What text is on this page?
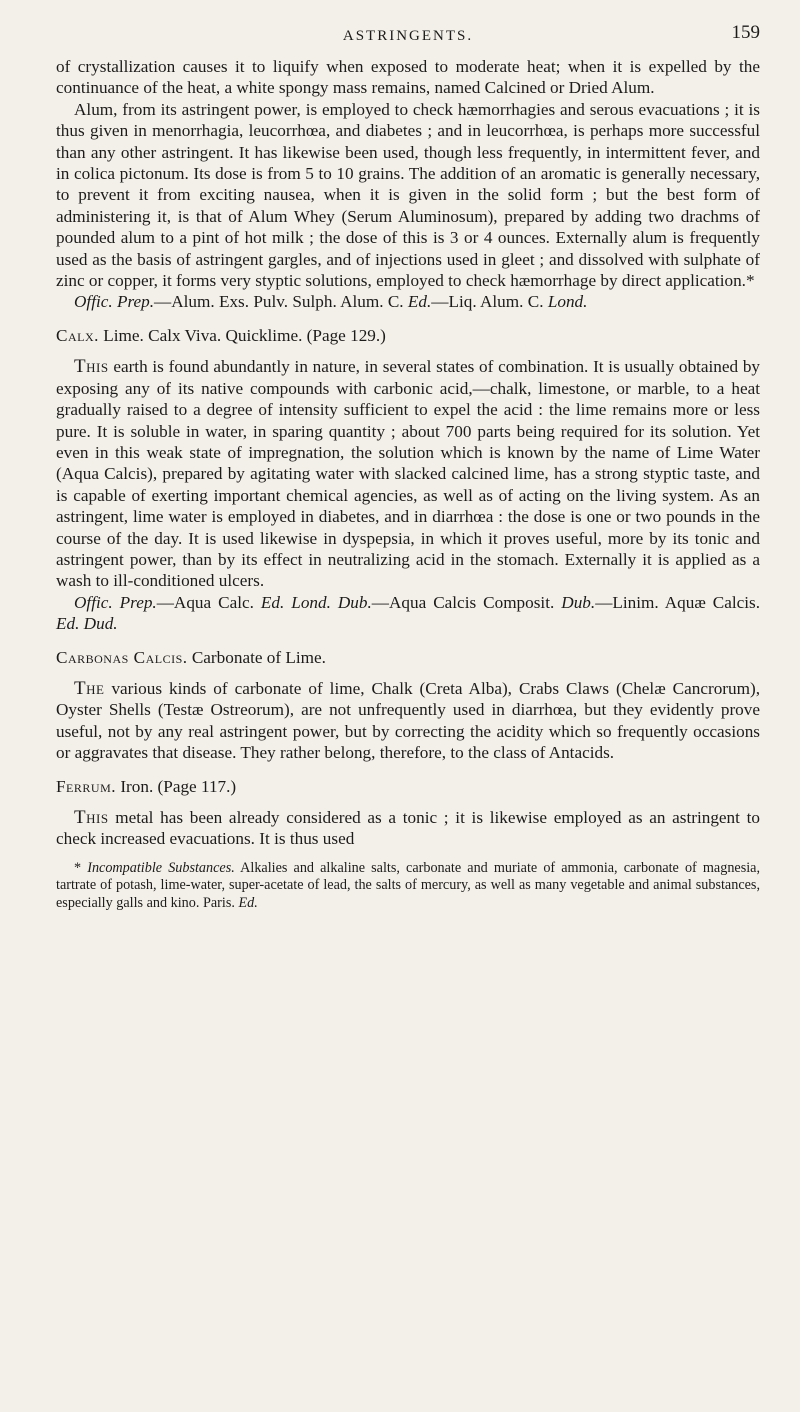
ASTRINGENTS.	159

of crystallization causes it to liquify when exposed to moderate heat; when it is expelled by the continuance of the heat, a white spongy mass remains, named Calcined or Dried Alum.

Alum, from its astringent power, is employed to check hæmorrhagies and serous evacuations ; it is thus given in menorrhagia, leucorrhœa, and diabetes ; and in leucorrhœa, is perhaps more successful than any other astringent. It has likewise been used, though less frequently, in intermittent fever, and in colica pictonum. Its dose is from 5 to 10 grains. The addition of an aromatic is generally necessary, to prevent it from exciting nausea, when it is given in the solid form ; but the best form of administering it, is that of Alum Whey (Serum Aluminosum), prepared by adding two drachms of pounded alum to a pint of hot milk ; the dose of this is 3 or 4 ounces. Externally alum is frequently used as the basis of astringent gargles, and of injections used in gleet ; and dissolved with sulphate of zinc or copper, it forms very styptic solutions, employed to check hæmorrhage by direct application.*

Offic. Prep.—Alum. Exs. Pulv. Sulph. Alum. C. Ed.—Liq. Alum. C. Lond.

Calx. Lime. Calx Viva. Quicklime. (Page 129.)

This earth is found abundantly in nature, in several states of combination. It is usually obtained by exposing any of its native compounds with carbonic acid,—chalk, limestone, or marble, to a heat gradually raised to a degree of intensity sufficient to expel the acid : the lime remains more or less pure. It is soluble in water, in sparing quantity ; about 700 parts being required for its solution. Yet even in this weak state of impregnation, the solution which is known by the name of Lime Water (Aqua Calcis), prepared by agitating water with slacked calcined lime, has a strong styptic taste, and is capable of exerting important chemical agencies, as well as of acting on the living system. As an astringent, lime water is employed in diabetes, and in diarrhœa : the dose is one or two pounds in the course of the day. It is used likewise in dyspepsia, in which it proves useful, more by its tonic and astringent power, than by its effect in neutralizing acid in the stomach. Externally it is applied as a wash to ill-conditioned ulcers.

Offic. Prep.—Aqua Calc. Ed. Lond. Dub.—Aqua Calcis Composit. Dub.—Linim. Aquæ Calcis. Ed. Dud.

Carbonas Calcis. Carbonate of Lime.

The various kinds of carbonate of lime, Chalk (Creta Alba), Crabs Claws (Chelæ Cancrorum), Oyster Shells (Testæ Ostreorum), are not unfrequently used in diarrhœa, but they evidently prove useful, not by any real astringent power, but by correcting the acidity which so frequently occasions or aggravates that disease. They rather belong, therefore, to the class of Antacids.

Ferrum. Iron. (Page 117.)

This metal has been already considered as a tonic ; it is likewise employed as an astringent to check increased evacuations. It is thus used

* Incompatible Substances. Alkalies and alkaline salts, carbonate and muriate of ammonia, carbonate of magnesia, tartrate of potash, lime-water, super-acetate of lead, the salts of mercury, as well as many vegetable and animal substances, especially galls and kino. Paris. Ed.
